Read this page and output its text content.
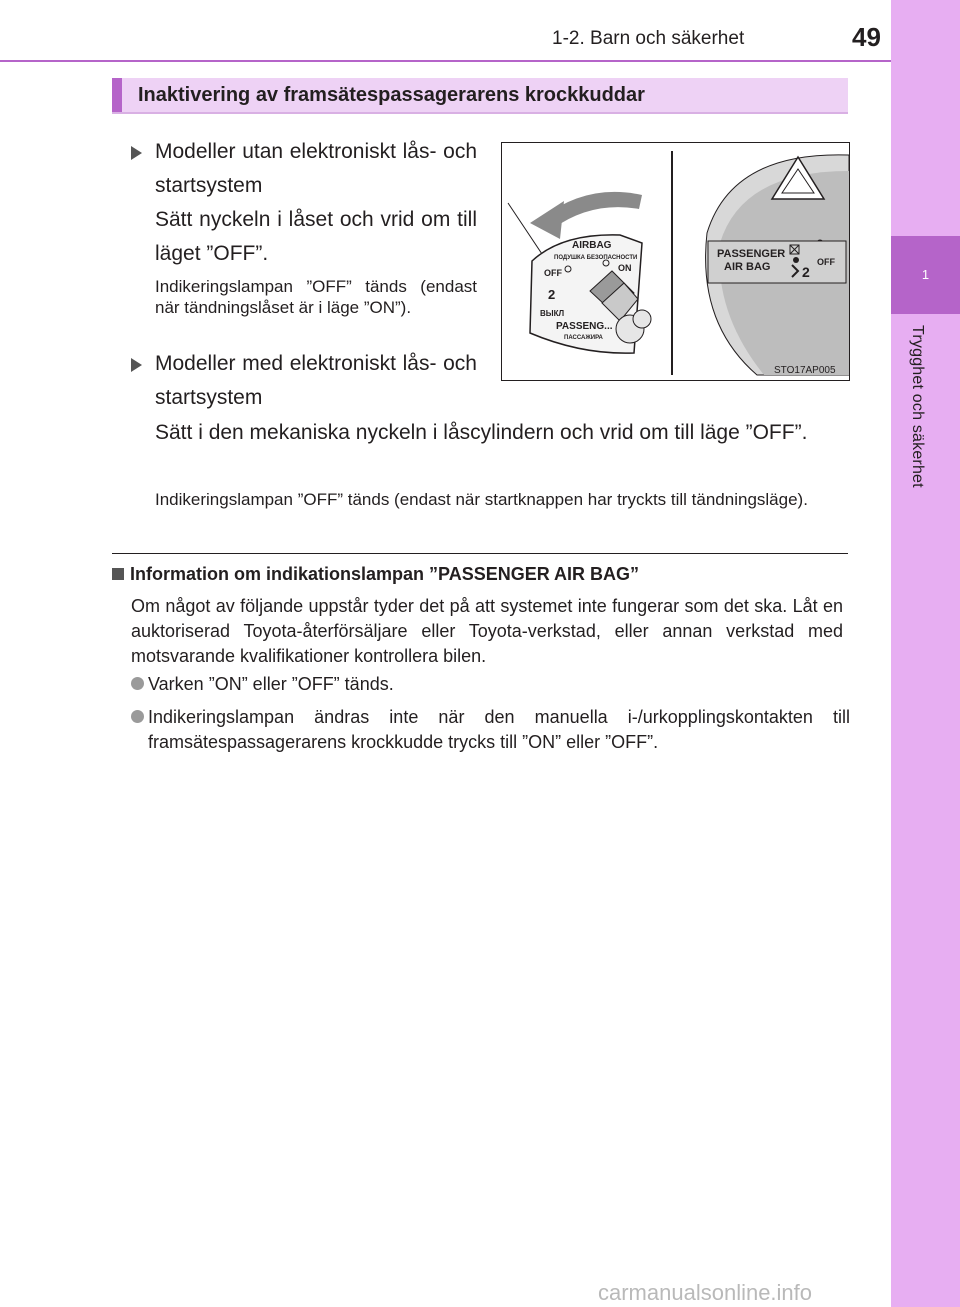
1-2. Barn och säkerhet	49
1
Trygghet och säkerhet
Inaktivering av framsätespassagerarens krockkuddar
Modeller utan elektroniskt lås- och startsystem
Sätt nyckeln i låset och vrid om till läget ”OFF”.
Indikeringslampan ”OFF” tänds (endast när tändningslåset är i läge ”ON”).
Modeller med elektroniskt lås- och startsystem
Sätt i den mekaniska nyckeln i låscylindern och vrid om till läge ”OFF”.
Indikeringslampan ”OFF” tänds (endast när startknappen har tryckts till tändningsläge).
AIRBAG
ПОДУШКА БЕЗОПАСНОСТИ
OFF	ON
2
ВЫКЛ
PASSENG...
ПАССАЖИРА
PASSENGER
AIR BAG 2
OFF
STO17AP005
Information om indikationslampan ”PASSENGER AIR BAG”
Om något av följande uppstår tyder det på att systemet inte fungerar som det ska. Låt en auktoriserad Toyota-återförsäljare eller Toyota-verkstad, eller annan verkstad med motsvarande kvalifikationer kontrollera bilen.
Varken ”ON” eller ”OFF” tänds.
Indikeringslampan ändras inte när den manuella i-/urkopplingskontakten till framsätespassagerarens krockkudde trycks till ”ON” eller ”OFF”.
carmanualsonline.info
